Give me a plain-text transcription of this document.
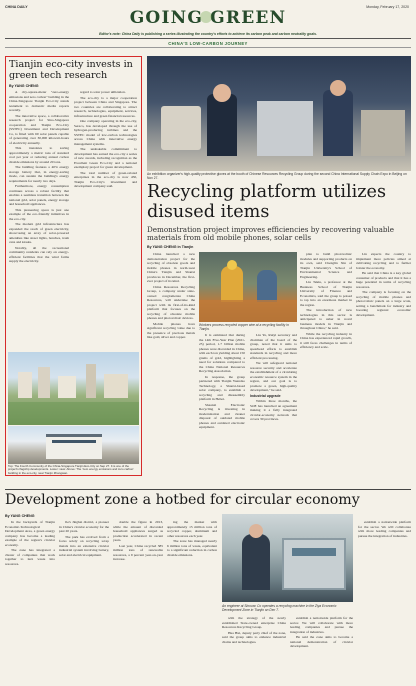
CHINA DAILY	Monday, February 17, 2020
GOING GREEN
Editor's note: China Daily is publishing a series illustrating the country's efforts to achieve its carbon peak and carbon neutrality goals.
CHINA'S LOW-CARBON JOURNEY
Tianjin eco-city invests in green tech research
By YANG CHENG

A city-square-meter "zero-energy emissions and zero carbon" building in the China-Singapore Tianjin Eco-City stands testament to domestic media reports recently.

The innovative space, a collaborative research project for Sino-Singapore cooperation and Tianjin Eco-City (SSTEC) Investment and Development Co, is fitted with 60 solar panels capable of generating over 30,000 kilowatt-hours of electricity annually.

This translates to saving approximately a metric tons of standard coal per year or reducing annual carbon dioxide emissions by around 20 tons.

The building features a 40% energy storage battery that, in energy-saving mode, can sustain the building's energy requirements for nearly two days.

Furthermore, energy consumption continues across a robust facility that enables a seamless transition between the national grid, solar panels, energy storage and household appliances.

This pioneering space is just one example of the eco-friendly initiatives in the eco-city.

The modern grid infrastructure has expanded the reach of green electricity, showcasing an array of solar-powered amenities like street lights, benches, trash cans and kiosks.

Notably, all the recreational community residents can rely on energy-efficient facilities that the wind farms supply the electricity.

regard to solar power utilization.

The eco-city is a major cooperation project between China and Singapore. The two countries are collaborating to attract research, technologies, equipment, services, infrastructure and green financial resources.

One company operating in the eco-city, Seraco, has developed through the use of hydrogen-producing turbines and the SSTEC model of low-carbon technologies across China with innovative energy management systems.

The unshakable commitment to development has earned the eco-city a series of new awards, including recognition as the Excellent Green Eco-City and a national exemplary project for green development.

The total number of green-related enterprises in the eco-city is now 450, Tianjin Eco-City's investment and development company said.

Top: The Fourth Community of the China-Singapore Tianjin Eco-City on Sep 27. It is one of the project's flagship developments. Lower: view: Above: The 'zero energy emissions and zero carbon' building in the eco-city, near Tianjin Zhangwan.
An exhibition organizer's high-quality protective gloves at the booth of Chinese Resources Recycling Group during the second China International Supply Chain Expo in Beijing on Nov 27.
Recycling platform utilizes disused items
Demonstration project improves efficiencies by recovering valuable materials from old mobile phones, solar cells
By YANG CHENG in Tianjin

China launched a new demonstration project for the recycling of obsolete goods and mobile phones in north-west China's Tianjin and Shanxi provinces in December, the first-ever project of its kind.

China Resources Recycling Group, a company under state-owned conglomerate China Resources, will undertake the project with its first-of-its-kind platform that focuses on the recycling of obsolete mobile phones and photovoltaic devices.

Mobile phones have significant recycling value due to the presence of precious metals like gold, silver and copper.

Workers process recycled copper wire at a recycling facility in Tianjin.

It is estimated that during the 14th Five-Year Plan (2021-25) period, 1.7 billion mobile phones were discarded in China, with each ton yielding about 150 grams of gold, highlighting a need for solutions compared to the China National Resources Recycling Association.

In response, the group partnered with Tianjin Yuandao Technology, a Shanxi-based solar company, to establish a recycling and disassembly platform in Hebei.

Shaanxi Electronic Recycling is investing in modernization and cleaner disposal of outdated mobile phones and outdated electronic equipment.

Liu Ye, Ruiyi secretary and chairman of the board of the group, noted that it aims to spearhead efforts to establish standards in recycling and more efficient processing.

We will safeguard national resource security and accelerate the establishment of a circulating economic resource system in the region, and our goal is to promote a green, high-quality development," he said.

Industrial upgrade

Within three months, the SOE has launched an agreement making it a fully integrated circular-economy network that covers 30 provinces.

plan to build photovoltaic modules and supporting products on its own, said Chenglin Xin of Tianjin University's School of Environmental Science and Engineering.

Liu Tekiu, a professor at the Business School of Tianjin University of Finance and Economics, said the group is poised to tap into an enormous market in the region.

The introduction of new technologies in this sector is anticipated to usher in novel business models in Tianjin and throughout China," he said.

While the recycling industry in China has experienced rapid growth, it still faces challenges in terms of efficiency and scale.

Lin expects the country to implement more policies aimed at cultivating recycling and to further bolster the economy.

He said that China is a key global consumer of products and that it has a huge potential in terms of recycling resources.

The company is focusing on the recycling of mobile phones and photovoltaic panels on a large scale, setting a benchmark for industry and boosting regional economic development.

Development zone a hotbed for circular economy
By YANG CHENG

In the backyards of Tianjin Economic-Technological Development Area, a green energy company has become a leading example of the region's circular economy.

The zone has integrated a cluster of companies that work together to turn waste into resources.

Jie's Jinghai district, a pioneer in China's circular economy for the past 20 years.

The park has evolved from a focus solely on recycling scrap metals into an extensive circular industrial system involving battery, solar and electrical equipment.

double the figure in 2013, while the amount of discarded household appliances surged as production accelerated in recent years.

Last year, China recycled 385 million tons of renewable resources, a 9 percent year-on-year increase.

ing the market with approximately 15 million tons of recycled copper, aluminum and other resources each year.

The zone has managed nearly 6 million tons of waste, equivalent to a significant reduction in carbon dioxide emissions.

An engineer at Sinovac Co operates a recycling machine in the Ziya Economic Development Zone in Tianjin on Dec 7.

with the strategy of the newly established State-owned enterprise China Resources Recycling Group.

Hua Hui, deputy party chief of the zone, said the group aims to enhance industrial chains and technologies.

establish a nationwide platform for the sector. We will collaborate with more leading companies and pursue the integration of industries.

He said the zone aims to become a national demonstration of circular development.

establish a nationwide platform for the sector. We will collaborate with more leading companies and pursue the integration of industries.
